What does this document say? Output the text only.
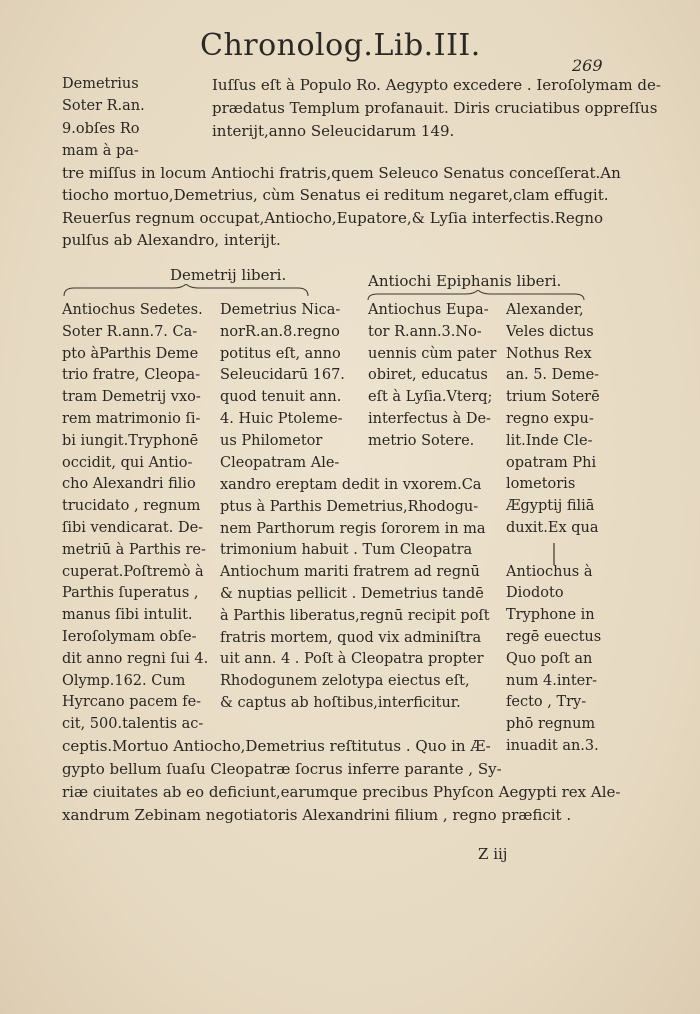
Chronolog.Lib.III.
269
Demetrius
Soter R.an.
9.obſes Ro
mam à pa-
Iuſſus eſt à Populo Ro. Aegypto excedere . Ieroſolymam de-
prædatus Templum profanauit. Diris cruciatibus oppreſſus
interijt,anno Seleucidarum 149.
tre miſſus in locum Antiochi fratris,quem Seleuco Senatus conceſſerat.An
tiocho mortuo,Demetrius, cùm Senatus ei reditum negaret,clam effugit.
Reuerſus regnum occupat,Antiocho,Eupatore,& Lyſia interfectis.Regno
pulſus ab Alexandro, interijt.
Demetrij liberi.	Antiochi Epiphanis liberi.
Antiochus Sedetes.
Soter R.ann.7. Ca-
pto àParthis Deme
trio fratre, Cleopa-
tram Demetrij vxo-
rem matrimonio ſi-
bi iungit.Tryphonē
occidit, qui Antio-
cho Alexandri filio
trucidato , regnum
ſibi vendicarat. De-
metriū à Parthis re-
cuperat.Poſtremò à
Parthis ſuperatus ,
manus ſibi intulit.
Ieroſolymam obſe-
dit anno regni ſui 4.
Olymp.162. Cum
Hyrcano pacem fe-
cit, 500.talentis ac-
Demetrius Nica-
norR.an.8.regno
potitus eſt, anno
Seleucidarū 167.
quod tenuit ann.
4. Huic Ptoleme-
us Philometor
Cleopatram Ale-
Antiochus Eupa-
tor R.ann.3.No-
uennis cùm pater
obiret, educatus
eſt à Lyſia.Vterq;
interfectus à De-
metrio Sotere.
xandro ereptam dedit in vxorem.Ca
ptus à Parthis Demetrius,Rhodogu-
nem Parthorum regis ſororem in ma
trimonium habuit . Tum Cleopatra
Antiochum mariti fratrem ad regnū
& nuptias pellicit . Demetrius tandē
à Parthis liberatus,regnū recipit poſt
fratris mortem, quod vix adminiſtra
uit ann. 4 . Poſt à Cleopatra propter
Rhodogunem zelotypa eiectus eſt,
& captus ab hoſtibus,interficitur.
Alexander,
Veles dictus
Nothus Rex
an. 5. Deme-
trium Soterē
regno expu-
lit.Inde Cle-
opatram Phi
lometoris
Ægyptij filiā
duxit.Ex qua
Antiochus à
Diodoto
Tryphone in
regē euectus
Quo poſt an
num 4.inter-
fecto , Try-
phō regnum
inuadit an.3.
ceptis.Mortuo Antiocho,Demetrius reſtitutus . Quo in Æ-
gypto bellum ſuaſu Cleopatræ ſocrus inferre parante , Sy-
riæ ciuitates ab eo deficiunt,earumque precibus Phyſcon Aegypti rex Ale-
xandrum Zebinam negotiatoris Alexandrini filium , regno præficit .
Z iij
